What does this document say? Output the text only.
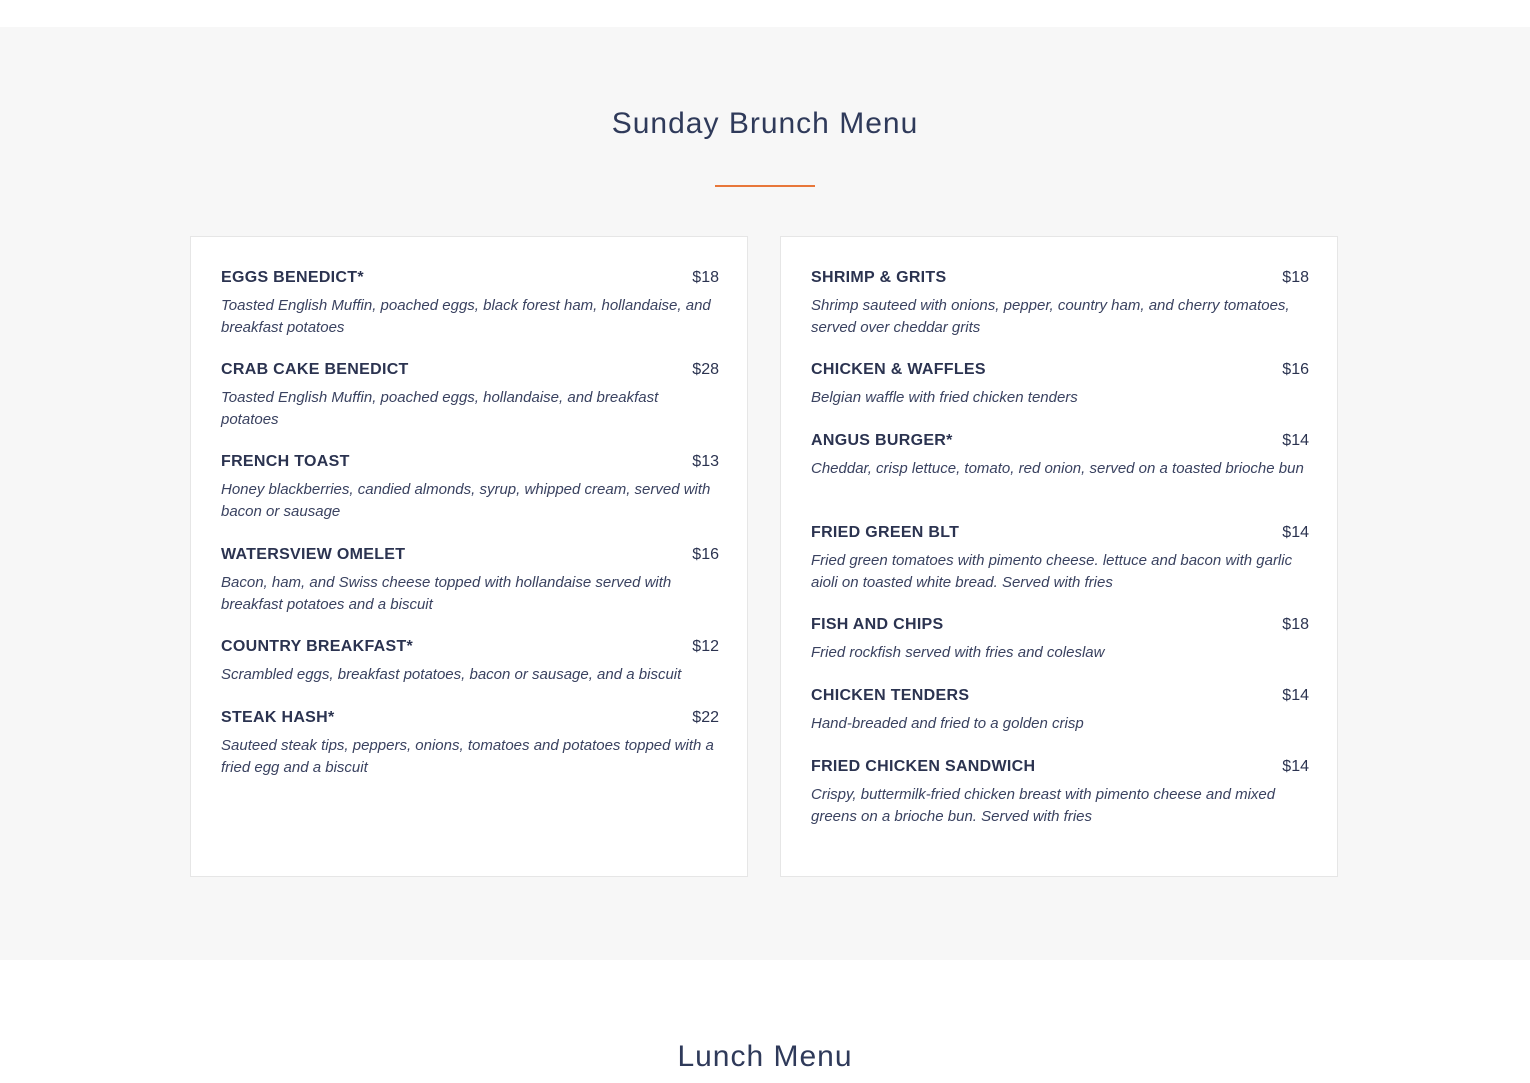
Sunday Brunch Menu
EGGS BENEDICT*	$18
Toasted English Muffin, poached eggs, black forest ham, hollandaise, and breakfast potatoes
CRAB CAKE BENEDICT	$28
Toasted English Muffin, poached eggs, hollandaise, and breakfast potatoes
FRENCH TOAST	$13
Honey blackberries, candied almonds, syrup, whipped cream, served with bacon or sausage
WATERSVIEW OMELET	$16
Bacon, ham, and Swiss cheese topped with hollandaise served with breakfast potatoes and a biscuit
COUNTRY BREAKFAST*	$12
Scrambled eggs, breakfast potatoes, bacon or sausage, and a biscuit
STEAK HASH*	$22
Sauteed steak tips, peppers, onions, tomatoes and potatoes topped with a fried egg and a biscuit
SHRIMP & GRITS	$18
Shrimp sauteed with onions, pepper, country ham, and cherry tomatoes, served over cheddar grits
CHICKEN & WAFFLES	$16
Belgian waffle with fried chicken tenders
ANGUS BURGER*	$14
Cheddar, crisp lettuce, tomato, red onion, served on a toasted brioche bun
FRIED GREEN BLT	$14
Fried green tomatoes with pimento cheese. lettuce and bacon with garlic aioli on toasted white bread. Served with fries
FISH AND CHIPS	$18
Fried rockfish served with fries and coleslaw
CHICKEN TENDERS	$14
Hand-breaded and fried to a golden crisp
FRIED CHICKEN SANDWICH	$14
Crispy, buttermilk-fried chicken breast with pimento cheese and mixed greens on a brioche bun. Served with fries
Lunch Menu
